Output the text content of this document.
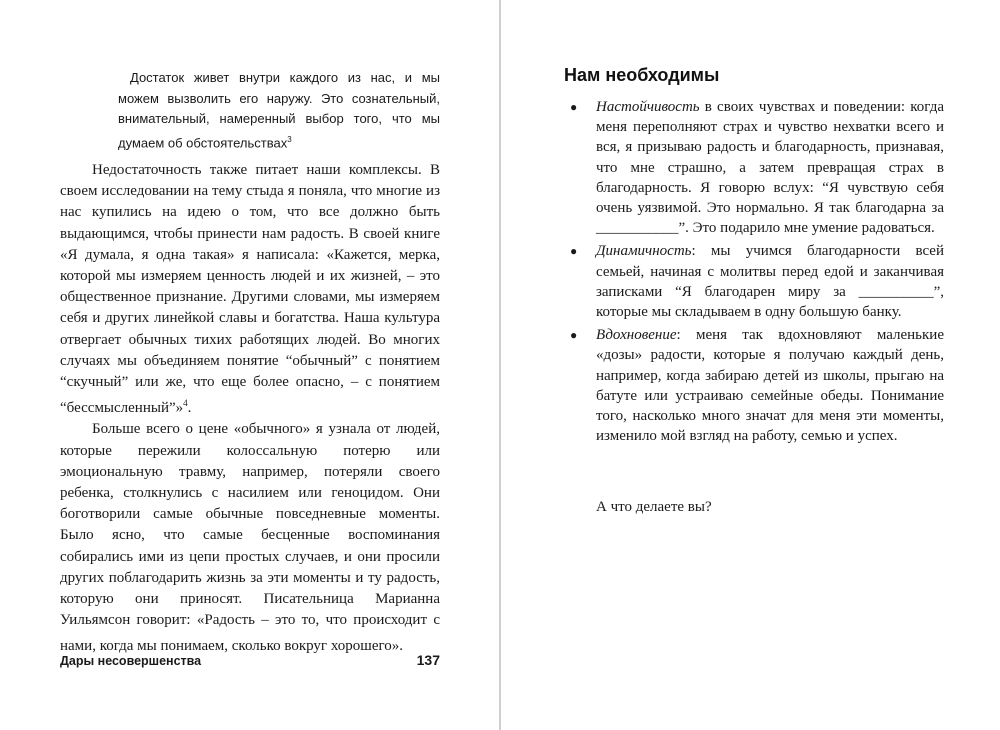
Достаток живет внутри каждого из нас, и мы можем вызволить его наружу. Это сознательный, внимательный, намеренный выбор того, что мы думаем об обстоятельствах$^3$

Недостаточность также питает наши комплексы. В своем исследовании на тему стыда я поняла, что многие из нас купились на идею о том, что все должно быть выдающимся, чтобы принести нам радость. В своей книге «Я думала, я одна такая» я написала: «Кажется, мерка, которой мы измеряем ценность людей и их жизней, – это общественное признание. Другими словами, мы измеряем себя и других линейкой славы и богатства. Наша культура отвергает обычных тихих работящих людей. Во многих случаях мы объединяем понятие “обычный” с понятием “скучный” или же, что еще более опасно, – с понятием “бессмысленный”»$^4$.

Больше всего о цене «обычного» я узнала от людей, которые пережили колоссальную потерю или эмоциональную травму, например, потеряли своего ребенка, столкнулись с насилием или геноцидом. Они боготворили самые обычные повседневные моменты. Было ясно, что самые бесценные воспоминания собирались ими из цепи простых случаев, и они просили других поблагодарить жизнь за эти моменты и ту радость, которую они приносят. Писательница Марианна Уильямсон говорит: «Радость – это то, что происходит с нами, когда мы понимаем, сколько вокруг хорошего».

Дары несовершенства	137
Нам необходимы
● Настойчивость в своих чувствах и поведении: когда меня переполняют страх и чувство нехватки всего и вся, я призываю радость и благодарность, признавая, что мне страшно, а затем превращая страх в благодарность. Я говорю вслух: “Я чувствую себя очень уязвимой. Это нормально. Я так благодарна за ___________”. Это подарило мне умение радоваться.
● Динамичность: мы учимся благодарности всей семьей, начиная с молитвы перед едой и заканчивая записками “Я благодарен миру за __________”, которые мы складываем в одну большую банку.
● Вдохновение: меня так вдохновляют маленькие «дозы» радости, которые я получаю каждый день, например, когда забираю детей из школы, прыгаю на батуте или устраиваю семейные обеды. Понимание того, насколько много значат для меня эти моменты, изменило мой взгляд на работу, семью и успех.

А что делаете вы?
